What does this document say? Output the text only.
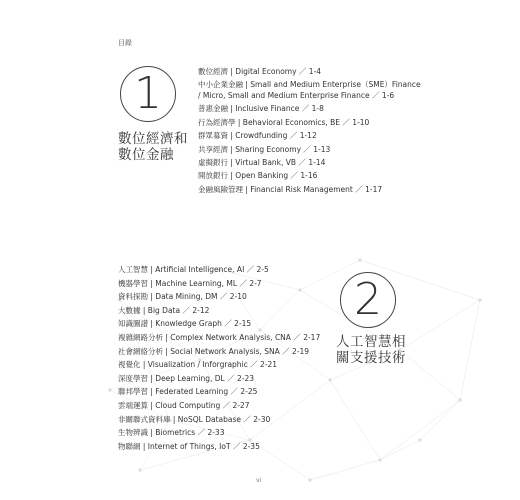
目錄
1
數位經濟和
數位金融
數位經濟 | Digital Economy ／ 1-4
中小企業金融 | Small and Medium Enterprise（SME）Finance
/ Micro, Small and Medium Enterprise Finance ／ 1-6
普惠金融 | Inclusive Finance ／ 1-8
行為經濟學 | Behavioral Economics, BE ／ 1-10
群眾募資 | Crowdfunding ／ 1-12
共享經濟 | Sharing Economy ／ 1-13
虛擬銀行 | Virtual Bank, VB ／ 1-14
開放銀行 | Open Banking ／ 1-16
金融風險管理 | Financial Risk Management ／ 1-17
2
人工智慧相
關支援技術
人工智慧 | Artificial Intelligence, AI ／ 2-5
機器學習 | Machine Learning, ML ／ 2-7
資料探勘 | Data Mining, DM ／ 2-10
大數據 | Big Data ／ 2-12
知識圖譜 | Knowledge Graph ／ 2-15
複雜網路分析 | Complex Network Analysis, CNA ／ 2-17
社會網絡分析 | Social Network Analysis, SNA ／ 2-19
視覺化 | Visualization / Inforgraphic ／ 2-21
深度學習 | Deep Learning, DL ／ 2-23
聯邦學習 | Federated Learning ／ 2-25
雲端運算 | Cloud Computing ／ 2-27
非關聯式資料庫 | NoSQL Database ／ 2-30
生物辨識 | Biometrics ／ 2-33
物聯網 | Internet of Things, IoT ／ 2-35
vi
